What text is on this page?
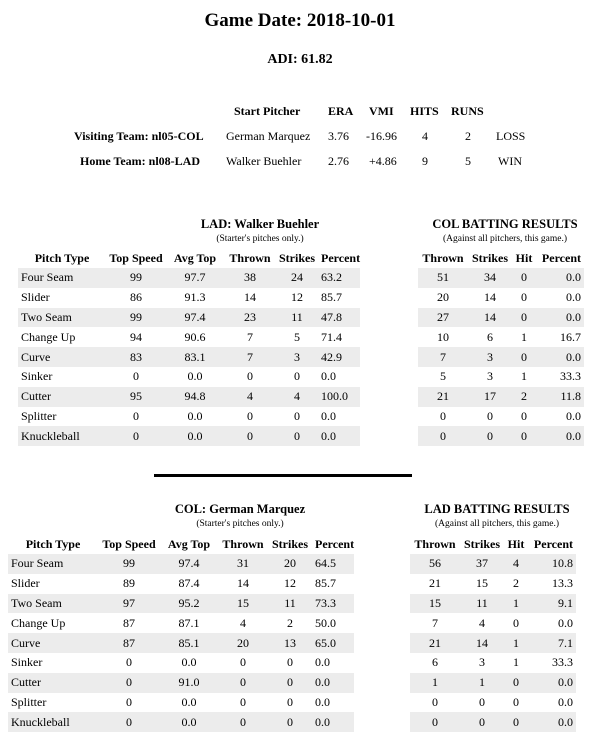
Game Date: 2018-10-01
ADI: 61.82
Start Pitcher ERA VMI HITS RUNS
Visiting Team: nl05-COL German Marquez 3.76 -16.96 4	2 LOSS
Home Team: nl08-LAD Walker Buehler 2.76 +4.86 9	5 WIN
LAD: Walker Buehler
(Starter's pitches only.)
COL BATTING RESULTS
(Against all pitchers, this game.)
Pitch Type	Top Speed	Avg Top	Thrown	Strikes	Percent
Four Seam	99	97.7	38	24	63.2
Slider	86	91.3	14	12	85.7
Two Seam	99	97.4	23	11	47.8
Change Up	94	90.6	7	5	71.4
Curve	83	83.1	7	3	42.9
Sinker	0	0.0	0	0	0.0
Cutter	95	94.8	4	4	100.0
Splitter	0	0.0	0	0	0.0
Knuckleball	0	0.0	0	0	0.0
Thrown	Strikes	Hit	Percent
51	34	0	0.0
20	14	0	0.0
27	14	0	0.0
10	6	1	16.7
7	3	0	0.0
5	3	1	33.3
21	17	2	11.8
0	0	0	0.0
0	0	0	0.0
COL: German Marquez
(Starter's pitches only.)
LAD BATTING RESULTS
(Against all pitchers, this game.)
Pitch Type	Top Speed	Avg Top	Thrown	Strikes	Percent
Four Seam	99	97.4	31	20	64.5
Slider	89	87.4	14	12	85.7
Two Seam	97	95.2	15	11	73.3
Change Up	87	87.1	4	2	50.0
Curve	87	85.1	20	13	65.0
Sinker	0	0.0	0	0	0.0
Cutter	0	91.0	0	0	0.0
Splitter	0	0.0	0	0	0.0
Knuckleball	0	0.0	0	0	0.0
Thrown	Strikes	Hit	Percent
56	37	4	10.8
21	15	2	13.3
15	11	1	9.1
7	4	0	0.0
21	14	1	7.1
6	3	1	33.3
1	1	0	0.0
0	0	0	0.0
0	0	0	0.0
